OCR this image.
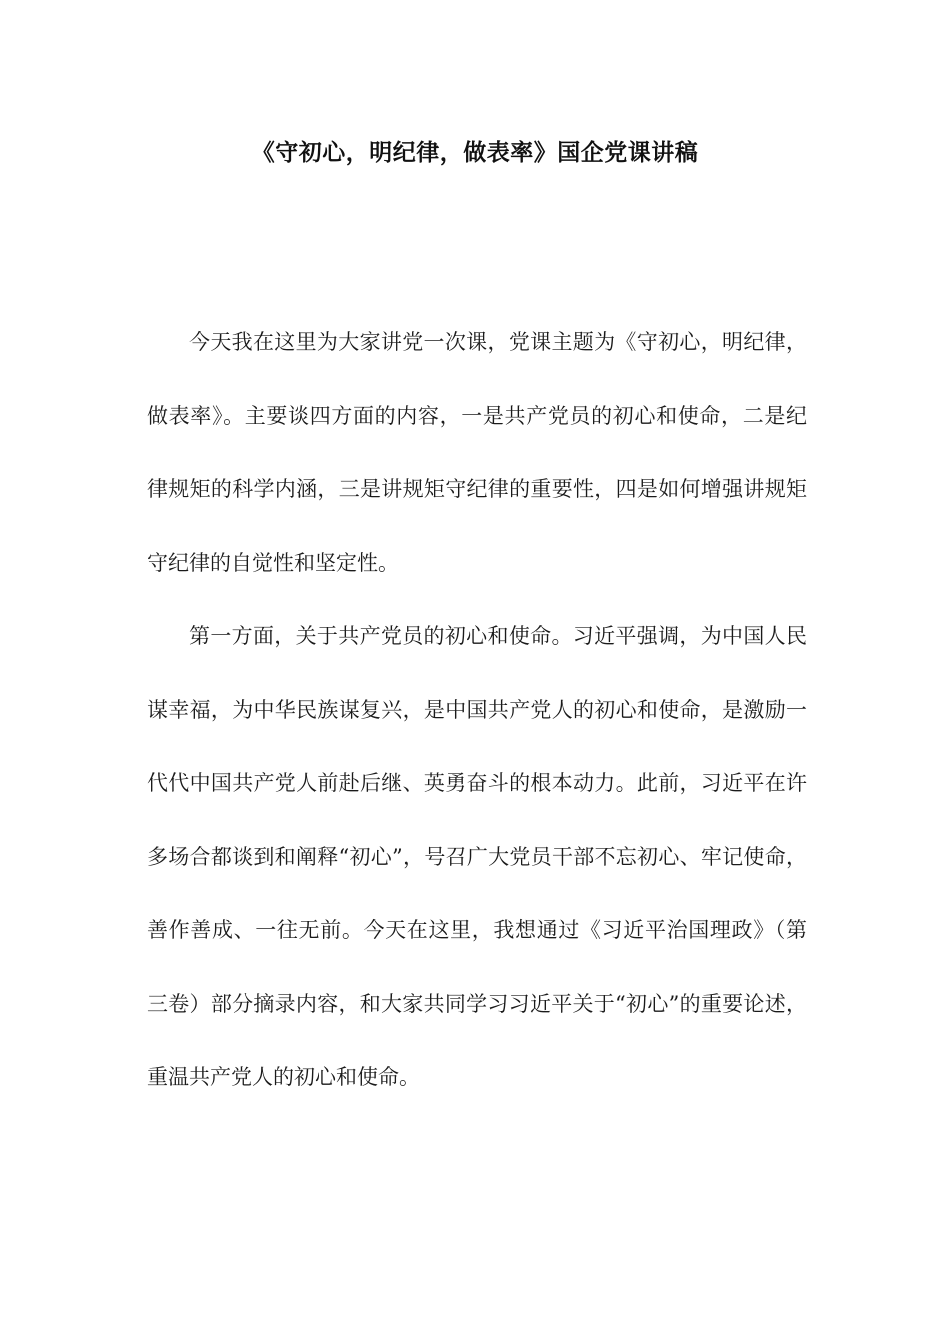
《守初心，明纪律，做表率》国企党课讲稿

今天我在这里为大家讲党一次课，党课主题为《守初心，明纪律，做表率》。主要谈四方面的内容，一是共产党员的初心和使命，二是纪律规矩的科学内涵，三是讲规矩守纪律的重要性，四是如何增强讲规矩守纪律的自觉性和坚定性。

第一方面，关于共产党员的初心和使命。习近平强调，为中国人民谋幸福，为中华民族谋复兴，是中国共产党人的初心和使命，是激励一代代中国共产党人前赴后继、英勇奋斗的根本动力。此前，习近平在许多场合都谈到和阐释“初心”，号召广大党员干部不忘初心、牢记使命，善作善成、一往无前。今天在这里，我想通过《习近平治国理政》（第三卷）部分摘录内容，和大家共同学习习近平关于“初心”的重要论述，重温共产党人的初心和使命。
